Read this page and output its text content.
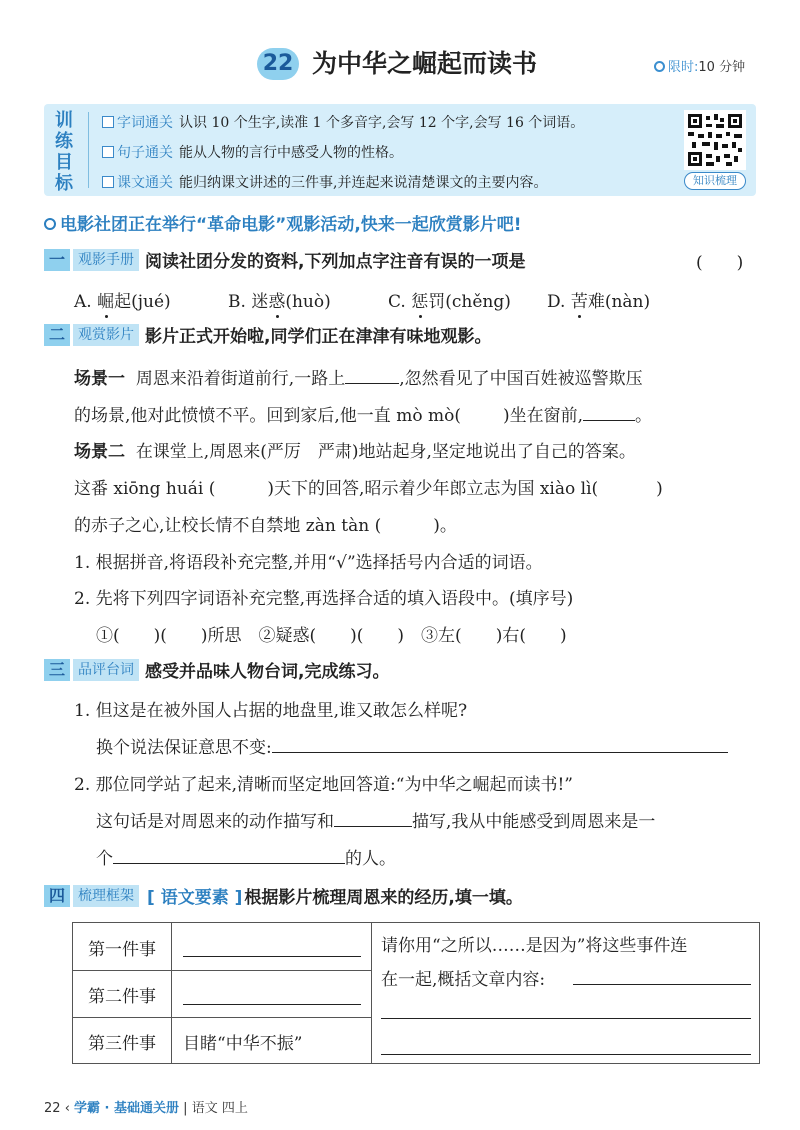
22 为中华之崛起而读书	限时:10 分钟
训
练
目
标
字词通关 认识 10 个生字,读准 1 个多音字,会写 12 个字,会写 16 个词语。
句子通关 能从人物的言行中感受人物的性格。
课文通关 能归纳课文讲述的三件事,并连起来说清楚课文的主要内容。	知识梳理
电影社团正在举行“革命电影”观影活动,快来一起欣赏影片吧!
一 观影手册 阅读社团分发的资料,下列加点字注音有误的一项是	(　　)
A. 崛起(jué)	B. 迷惑(huò)	C. 惩罚(chěng) D. 苦难(nàn)
二 观赏影片 影片正式开始啦,同学们正在津津有味地观影。
场景一 周恩来沿着街道前行,一路上	,忽然看见了中国百姓被巡警欺压
的场景,他对此愤愤不平。回到家后,他一直 mò mò( )坐在窗前,	。
场景二 在课堂上,周恩来(严厉　严肃)地站起身,坚定地说出了自己的答案。
这番 xiōng huái (	)天下的回答,昭示着少年郎立志为国 xiào lì(	)
的赤子之心,让校长情不自禁地 zàn tàn (	)。
1. 根据拼音,将语段补充完整,并用“√”选择括号内合适的词语。
2. 先将下列四字词语补充完整,再选择合适的填入语段中。(填序号)
①(　　)(　　)所思　②疑惑(　　)(　　)　③左(　　)右(　　)
三 品评台词 感受并品味人物台词,完成练习。
1. 但这是在被外国人占据的地盘里,谁又敢怎么样呢?
换个说法保证意思不变:
2. 那位同学站了起来,清晰而坚定地回答道:“为中华之崛起而读书!”
这句话是对周恩来的动作描写和	描写,我从中能感受到周恩来是一
个	的人。
四 梳理框架 [ 语文要素 ] 根据影片梳理周恩来的经历,填一填。
第一件事
第二件事
第三件事	目睹“中华不振”
请你用“之所以……是因为”将这些事件连
在一起,概括文章内容:
22 ‹ 学霸 · 基础通关册 | 语文 四上
